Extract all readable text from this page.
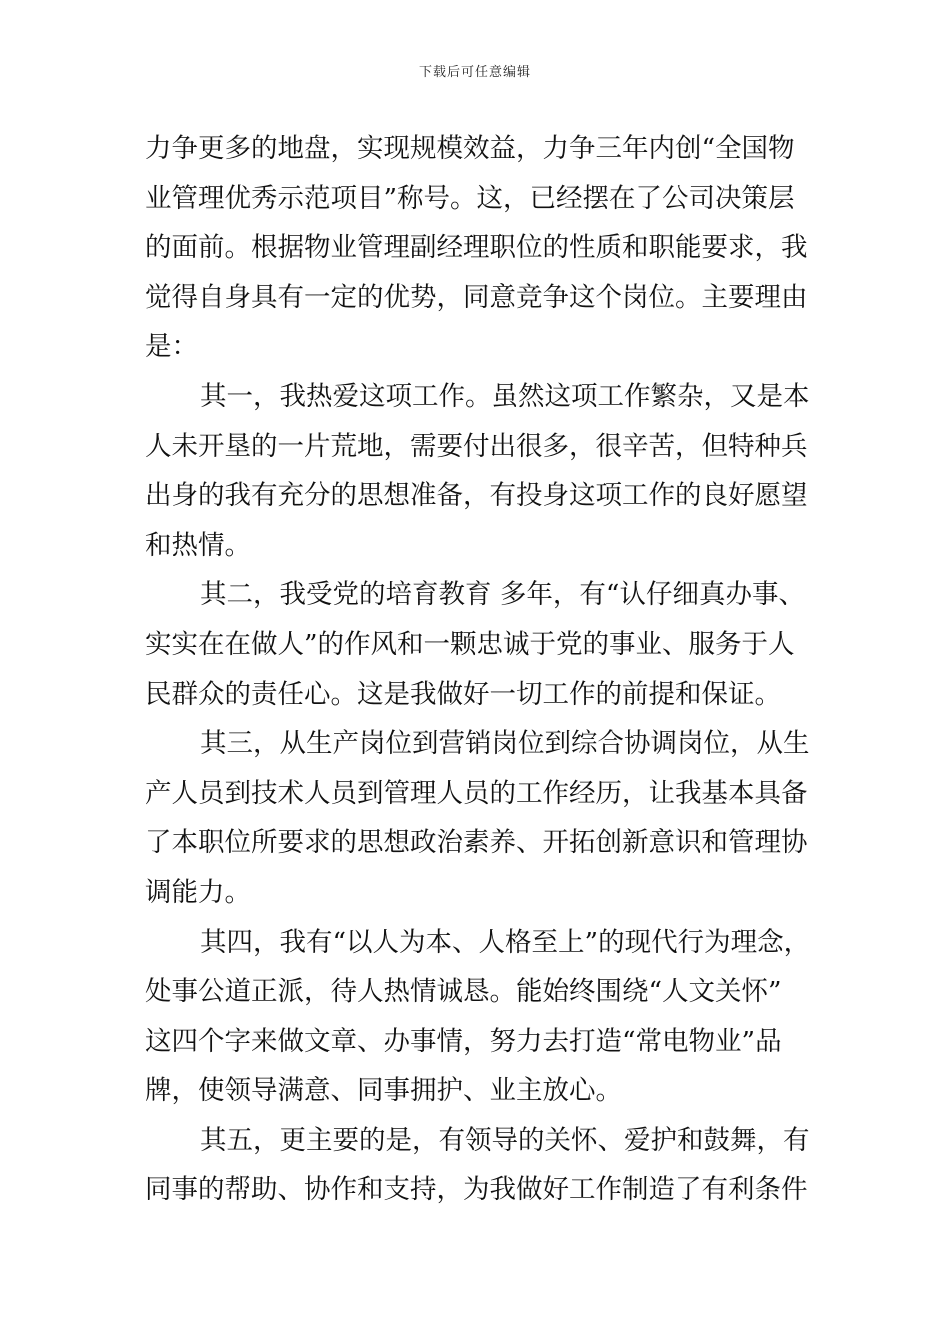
下载后可任意编辑
力争更多的地盘，实现规模效益，力争三年内创“全国物
业管理优秀示范项目”称号。这，已经摆在了公司决策层
的面前。根据物业管理副经理职位的性质和职能要求，我
觉得自身具有一定的优势，同意竞争这个岗位。主要理由
是：
其一，我热爱这项工作。虽然这项工作繁杂，又是本
人未开垦的一片荒地，需要付出很多，很辛苦，但特种兵
出身的我有充分的思想准备，有投身这项工作的良好愿望
和热情。
其二，我受党的培育教育 多年，有“认仔细真办事、
实实在在做人”的作风和一颗忠诚于党的事业、服务于人
民群众的责任心。这是我做好一切工作的前提和保证。
其三，从生产岗位到营销岗位到综合协调岗位，从生
产人员到技术人员到管理人员的工作经历，让我基本具备
了本职位所要求的思想政治素养、开拓创新意识和管理协
调能力。
其四，我有“以人为本、人格至上”的现代行为理念，
处事公道正派，待人热情诚恳。能始终围绕“人文关怀”
这四个字来做文章、办事情，努力去打造“常电物业”品
牌，使领导满意、同事拥护、业主放心。
其五，更主要的是，有领导的关怀、爱护和鼓舞，有
同事的帮助、协作和支持，为我做好工作制造了有利条件
